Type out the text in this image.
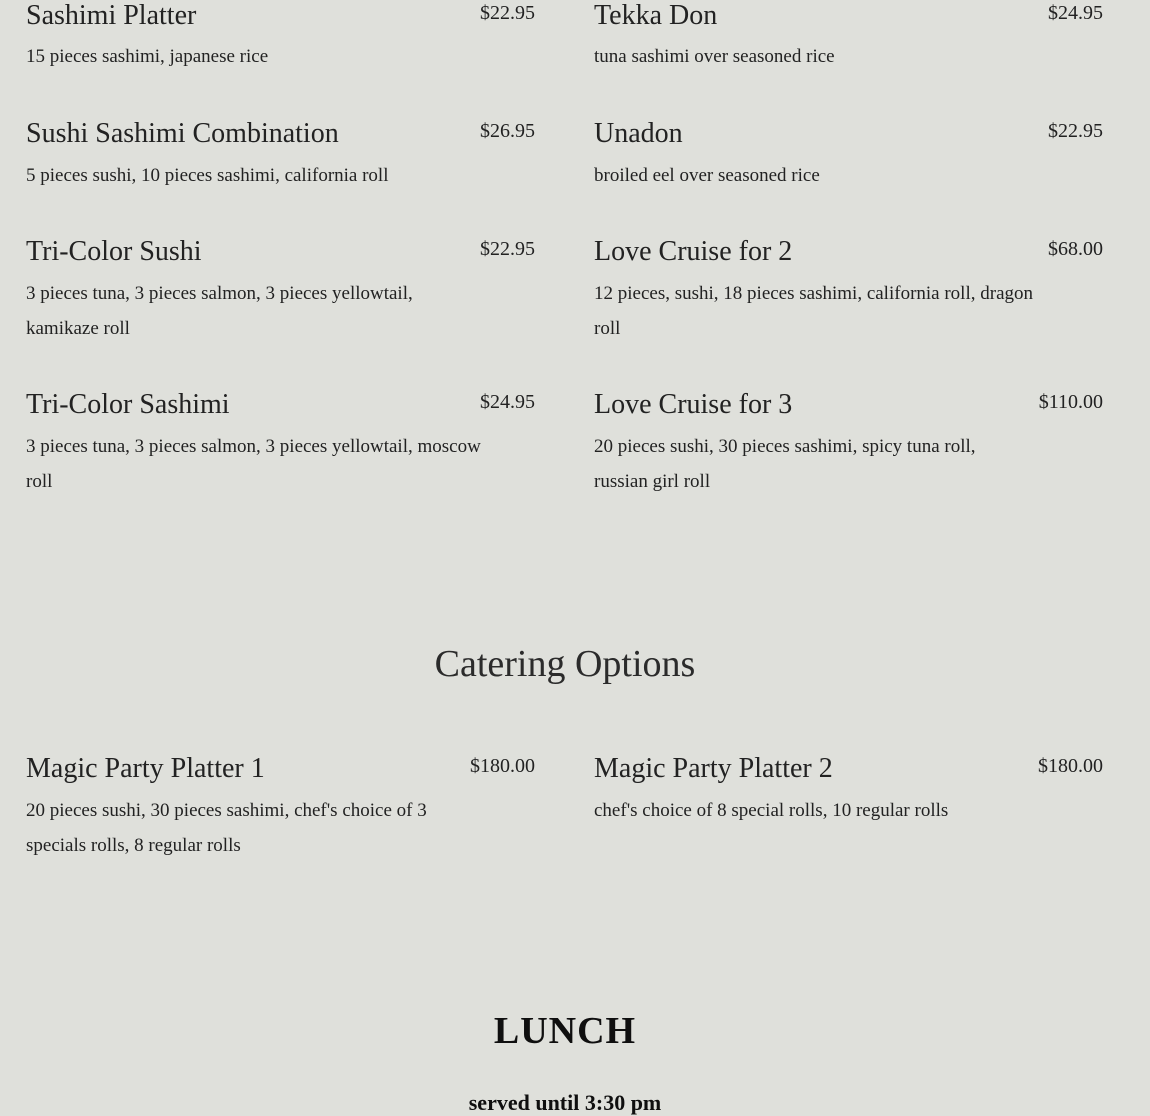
Sashimi Platter	$22.95
15 pieces sashimi, japanese rice
Tekka Don	$24.95
tuna sashimi over seasoned rice
Sushi Sashimi Combination	$26.95
5 pieces sushi, 10 pieces sashimi, california roll
Unadon	$22.95
broiled eel over seasoned rice
Tri-Color Sushi	$22.95
3 pieces tuna, 3 pieces salmon, 3 pieces yellowtail, kamikaze roll
Love Cruise for 2	$68.00
12 pieces, sushi, 18 pieces sashimi, california roll, dragon roll
Tri-Color Sashimi	$24.95
3 pieces tuna, 3 pieces salmon, 3 pieces yellowtail, moscow roll
Love Cruise for 3	$110.00
20 pieces sushi, 30 pieces sashimi, spicy tuna roll, russian girl roll
Catering Options
Magic Party Platter 1	$180.00
20 pieces sushi, 30 pieces sashimi, chef's choice of 3 specials rolls, 8 regular rolls
Magic Party Platter 2	$180.00
chef's choice of 8 special rolls, 10 regular rolls
LUNCH
served until 3:30 pm
